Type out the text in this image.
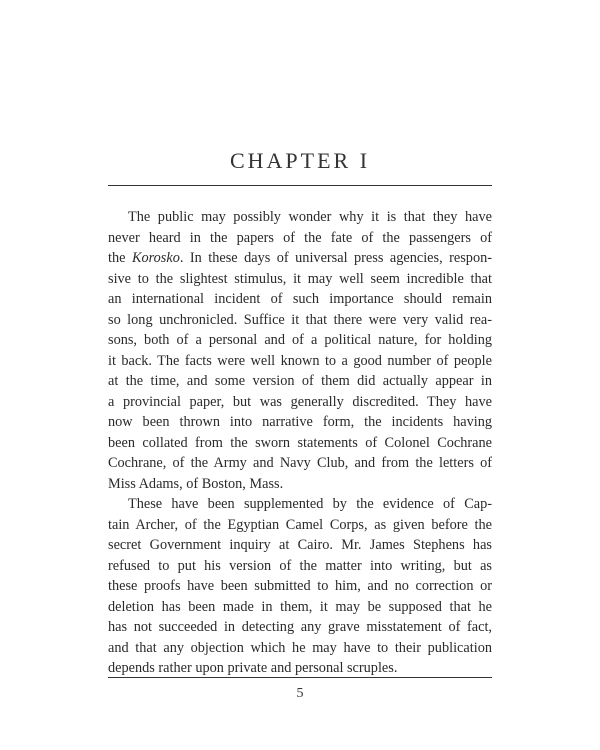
CHAPTER I
The public may possibly wonder why it is that they have
never heard in the papers of the fate of the passengers of
the Korosko. In these days of universal press agencies, respon-
sive to the slightest stimulus, it may well seem incredible that
an international incident of such importance should remain
so long unchronicled. Suffice it that there were very valid rea-
sons, both of a personal and of a political nature, for holding
it back. The facts were well known to a good number of people
at the time, and some version of them did actually appear in
a provincial paper, but was generally discredited. They have
now been thrown into narrative form, the incidents having
been collated from the sworn statements of Colonel Cochrane
Cochrane, of the Army and Navy Club, and from the letters of
Miss Adams, of Boston, Mass.
These have been supplemented by the evidence of Cap-
tain Archer, of the Egyptian Camel Corps, as given before the
secret Government inquiry at Cairo. Mr. James Stephens has
refused to put his version of the matter into writing, but as
these proofs have been submitted to him, and no correction or
deletion has been made in them, it may be supposed that he
has not succeeded in detecting any grave misstatement of fact,
and that any objection which he may have to their publication
depends rather upon private and personal scruples.
5
